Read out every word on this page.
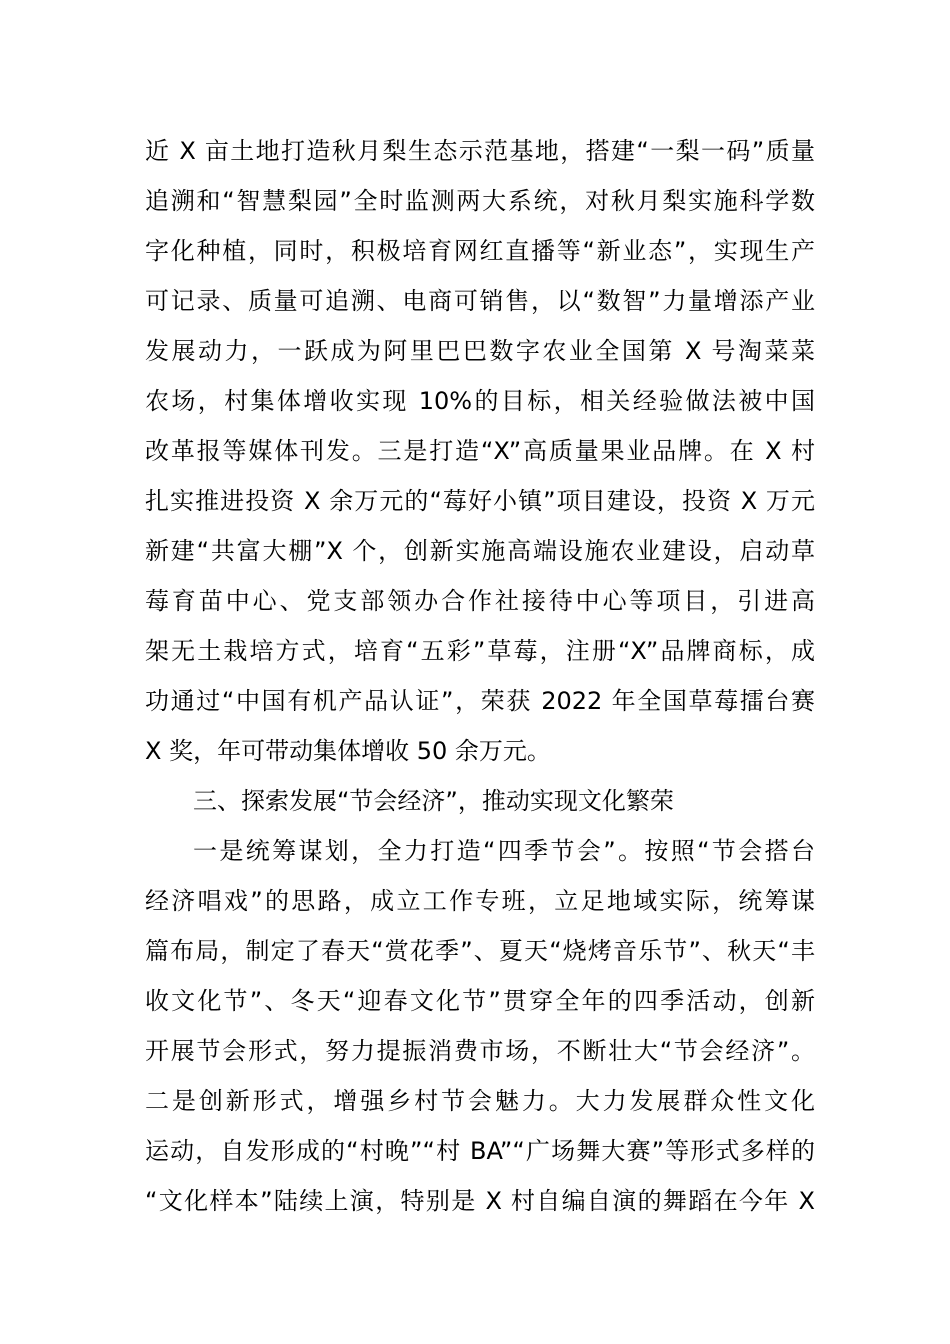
近 X 亩土地打造秋月梨生态示范基地，搭建“一梨一码”质量
追溯和“智慧梨园”全时监测两大系统，对秋月梨实施科学数
字化种植，同时，积极培育网红直播等“新业态”，实现生产
可记录、质量可追溯、电商可销售，以“数智”力量增添产业
发展动力，一跃成为阿里巴巴数字农业全国第 X 号淘菜菜
农场，村集体增收实现 10%的目标，相关经验做法被中国
改革报等媒体刊发。三是打造“X”高质量果业品牌。在 X 村
扎实推进投资 X 余万元的“莓好小镇”项目建设，投资 X 万元
新建“共富大棚”X 个，创新实施高端设施农业建设，启动草
莓育苗中心、党支部领办合作社接待中心等项目，引进高
架无土栽培方式，培育“五彩”草莓，注册“X”品牌商标，成
功通过“中国有机产品认证”，荣获 2022 年全国草莓擂台赛
X 奖，年可带动集体增收 50 余万元。
三、探索发展“节会经济”，推动实现文化繁荣
一是统筹谋划，全力打造“四季节会”。按照“节会搭台
经济唱戏”的思路，成立工作专班，立足地域实际，统筹谋
篇布局，制定了春天“赏花季”、夏天“烧烤音乐节”、秋天“丰
收文化节”、冬天“迎春文化节”贯穿全年的四季活动，创新
开展节会形式，努力提振消费市场，不断壮大“节会经济”。
二是创新形式，增强乡村节会魅力。大力发展群众性文化
运动，自发形成的“村晚”“村 BA”“广场舞大赛”等形式多样的
“文化样本”陆续上演，特别是 X 村自编自演的舞蹈在今年 X
